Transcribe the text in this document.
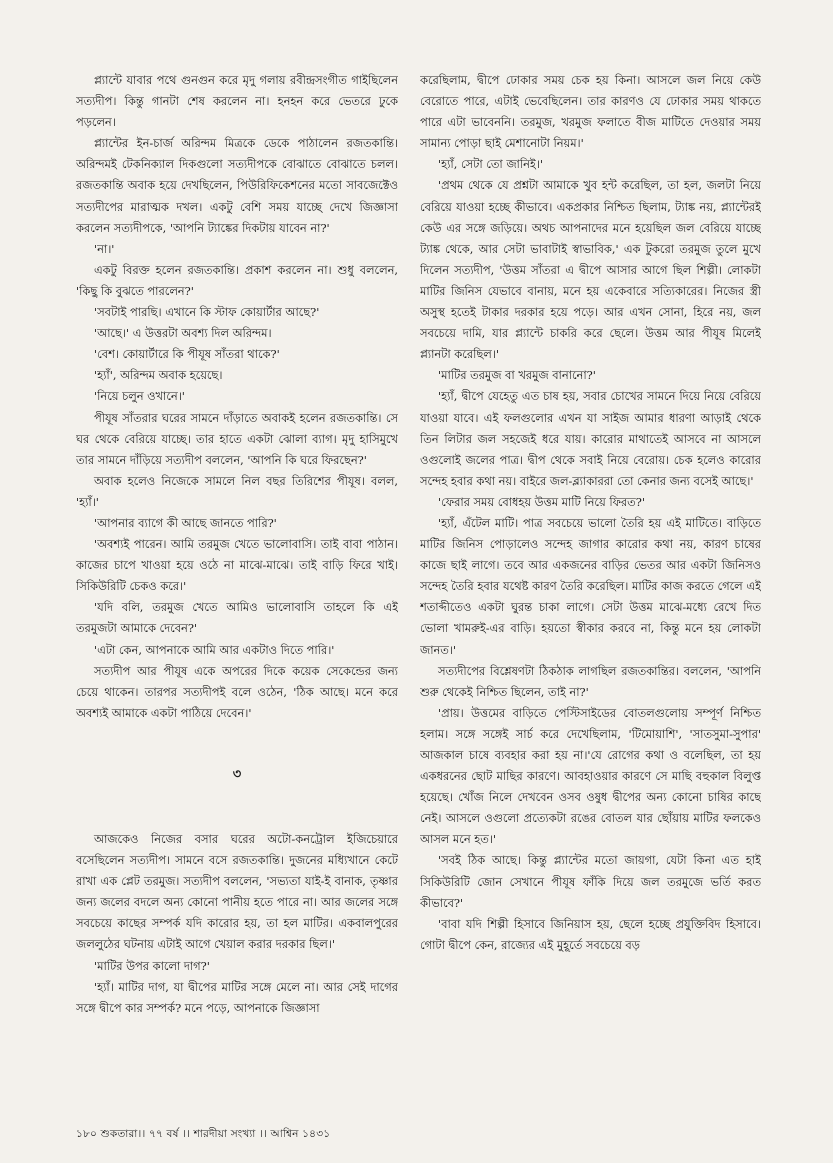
প্ল্যান্টে যাবার পথে গুনগুন করে মৃদু গলায় রবীন্দ্রসংগীত গাইছিলেন সত্যদীপ। কিন্তু গানটা শেষ করলেন না। হনহন করে ভেতরে ঢুকে পড়লেন।

প্ল্যান্টের ইন-চার্জ অরিন্দম মিত্রকে ডেকে পাঠালেন রজতকান্তি। অরিন্দমই টেকনিক্যাল দিকগুলো সত্যদীপকে বোঝাতে বোঝাতে চলল। রজতকান্তি অবাক হয়ে দেখছিলেন, পিউরিফিকেশনের মতো সাবজেক্টেও সত্যদীপের মারাত্মক দখল। একটু বেশি সময় যাচ্ছে দেখে জিজ্ঞাসা করলেন সত্যদীপকে, 'আপনি ট্যাঙ্কের দিকটায় যাবেন না?'

'না।'

একটু বিরক্ত হলেন রজতকান্তি। প্রকাশ করলেন না। শুধু বললেন, 'কিছু কি বুঝতে পারলেন?'

'সবটাই পারছি। এখানে কি স্টাফ কোয়ার্টার আছে?'

'আছে।' এ উত্তরটা অবশ্য দিল অরিন্দম।

'বেশ। কোয়ার্টারে কি পীযূষ সাঁতরা থাকে?'

'হ্যাঁ', অরিন্দম অবাক হয়েছে।

'নিয়ে চলুন ওখানে।'

পীযূষ সাঁতরার ঘরের সামনে দাঁড়াতে অবাকই হলেন রজতকান্তি। সে ঘর থেকে বেরিয়ে যাচ্ছে। তার হাতে একটা ঝোলা ব্যাগ। মৃদু হাসিমুখে তার সামনে দাঁড়িয়ে সত্যদীপ বললেন, 'আপনি কি ঘরে ফিরছেন?'

অবাক হলেও নিজেকে সামলে নিল বছর তিরিশের পীযূষ। বলল, 'হ্যাঁ।'

'আপনার ব্যাগে কী আছে জানতে পারি?'

'অবশ্যই পারেন। আমি তরমুজ খেতে ভালোবাসি। তাই বাবা পাঠান। কাজের চাপে খাওয়া হয়ে ওঠে না মাঝে-মাঝে। তাই বাড়ি ফিরে খাই। সিকিউরিটি চেকও করে।'

'যদি বলি, তরমুজ খেতে আমিও ভালোবাসি তাহলে কি এই তরমুজটা আমাকে দেবেন?'

'এটা কেন, আপনাকে আমি আর একটাও দিতে পারি।'

সত্যদীপ আর পীযূষ একে অপরের দিকে কয়েক সেকেন্ডের জন্য চেয়ে থাকেন। তারপর সত্যদীপই বলে ওঠেন, 'ঠিক আছে। মনে করে অবশ্যই আমাকে একটা পাঠিয়ে দেবেন।'

৩

আজকেও নিজের বসার ঘরের অটো-কনট্রোল ইজিচেয়ারে বসেছিলেন সত্যদীপ। সামনে বসে রজতকান্তি। দুজনের মধ্যিখানে কেটে রাখা এক প্লেট তরমুজ। সত্যদীপ বললেন, 'সভ্যতা যাই-ই বানাক, তৃষ্ণার জন্য জলের বদলে অন্য কোনো পানীয় হতে পারে না। আর জলের সঙ্গে সবচেয়ে কাছের সম্পর্ক যদি কারোর হয়, তা হল মাটির। একবালপুরের জললুঠের ঘটনায় এটাই আগে খেয়াল করার দরকার ছিল।'

'মাটির উপর কালো দাগ?'

'হ্যাঁ। মাটির দাগ, যা দ্বীপের মাটির সঙ্গে মেলে না। আর সেই দাগের সঙ্গে দ্বীপে কার সম্পর্ক? মনে পড়ে, আপনাকে জিজ্ঞাসা

করেছিলাম, দ্বীপে ঢোকার সময় চেক হয় কিনা। আসলে জল নিয়ে কেউ বেরোতে পারে, এটাই ভেবেছিলেন। তার কারণও যে ঢোকার সময় থাকতে পারে এটা ভাবেননি। তরমুজ, খরমুজ ফলাতে বীজ মাটিতে দেওয়ার সময় সামান্য পোড়া ছাই মেশানোটা নিয়ম।'

'হ্যাঁ, সেটা তো জানিই।'

'প্রথম থেকে যে প্রশ্নটা আমাকে খুব হন্ট করেছিল, তা হল, জলটা নিয়ে বেরিয়ে যাওয়া হচ্ছে কীভাবে। একপ্রকার নিশ্চিত ছিলাম, ট্যাঙ্ক নয়, প্ল্যান্টেরই কেউ এর সঙ্গে জড়িয়ে। অথচ আপনাদের মনে হয়েছিল জল বেরিয়ে যাচ্ছে ট্যাঙ্ক থেকে, আর সেটা ভাবাটাই স্বাভাবিক,' এক টুকরো তরমুজ তুলে মুখে দিলেন সত্যদীপ, 'উত্তম সাঁতরা এ দ্বীপে আসার আগে ছিল শিল্পী। লোকটা মাটির জিনিস যেভাবে বানায়, মনে হয় একেবারে সত্যিকারের। নিজের স্ত্রী অসুস্থ হতেই টাকার দরকার হয়ে পড়ে। আর এখন সোনা, হিরে নয়, জল সবচেয়ে দামি, যার প্ল্যান্টে চাকরি করে ছেলে। উত্তম আর পীযূষ মিলেই প্ল্যানটা করেছিল।'

'মাটির তরমুজ বা খরমুজ বানানো?'

'হ্যাঁ, দ্বীপে যেহেতু এত চাষ হয়, সবার চোখের সামনে দিয়ে নিয়ে বেরিয়ে যাওয়া যাবে। এই ফলগুলোর এখন যা সাইজ আমার ধারণা আড়াই থেকে তিন লিটার জল সহজেই ধরে যায়। কারোর মাথাতেই আসবে না আসলে ওগুলোই জলের পাত্র। দ্বীপ থেকে সবাই নিয়ে বেরোয়। চেক হলেও কারোর সন্দেহ হবার কথা নয়। বাইরে জল-ব্ল্যাকাররা তো কেনার জন্য বসেই আছে।'

'ফেরার সময় বোধহয় উত্তম মাটি নিয়ে ফিরত?'

'হ্যাঁ, এঁটেল মাটি। পাত্র সবচেয়ে ভালো তৈরি হয় এই মাটিতে। বাড়িতে মাটির জিনিস পোড়ালেও সন্দেহ জাগার কারোর কথা নয়, কারণ চাষের কাজে ছাই লাগে। তবে আর একজনের বাড়ির ভেতর আর একটা জিনিসও সন্দেহ তৈরি হবার যথেষ্ট কারণ তৈরি করেছিল। মাটির কাজ করতে গেলে এই শতাব্দীতেও একটা ঘুরন্ত চাকা লাগে। সেটা উত্তম মাঝে-মধ্যে রেখে দিত ভোলা খামরুই-এর বাড়ি। হয়তো স্বীকার করবে না, কিন্তু মনে হয় লোকটা জানত।'

সত্যদীপের বিশ্লেষণটা ঠিকঠাক লাগছিল রজতকান্তির। বললেন, 'আপনি শুরু থেকেই নিশ্চিত ছিলেন, তাই না?'

'প্রায়। উত্তমের বাড়িতে পেস্টিসাইডের বোতলগুলোয় সম্পূর্ণ নিশ্চিত হলাম। সঙ্গে সঙ্গেই সার্চ করে দেখেছিলাম, 'টিমোয়াশি', 'সাতসুমা-সুপার' আজকাল চাষে ব্যবহার করা হয় না।'যে রোগের কথা ও বলেছিল, তা হয় একধরনের ছোট মাছির কারণে। আবহাওয়ার কারণে সে মাছি বহুকাল বিলুপ্ত হয়েছে। খোঁজ নিলে দেখবেন ওসব ওষুধ দ্বীপের অন্য কোনো চাষির কাছে নেই। আসলে ওগুলো প্রত্যেকটা রঙের বোতল যার ছোঁয়ায় মাটির ফলকেও আসল মনে হত।'

'সবই ঠিক আছে। কিন্তু প্ল্যান্টের মতো জায়গা, যেটা কিনা এত হাই সিকিউরিটি জোন সেখানে পীযূষ ফাঁকি দিয়ে জল তরমুজে ভর্তি করত কীভাবে?'

'বাবা যদি শিল্পী হিসাবে জিনিয়াস হয়, ছেলে হচ্ছে প্রযুক্তিবিদ হিসাবে। গোটা দ্বীপে কেন, রাজ্যের এই মুহূর্তে সবচেয়ে বড়

১৮০ শুকতারা।। ৭৭ বর্ষ ।। শারদীয়া সংখ্যা ।। আশ্বিন ১৪৩১
